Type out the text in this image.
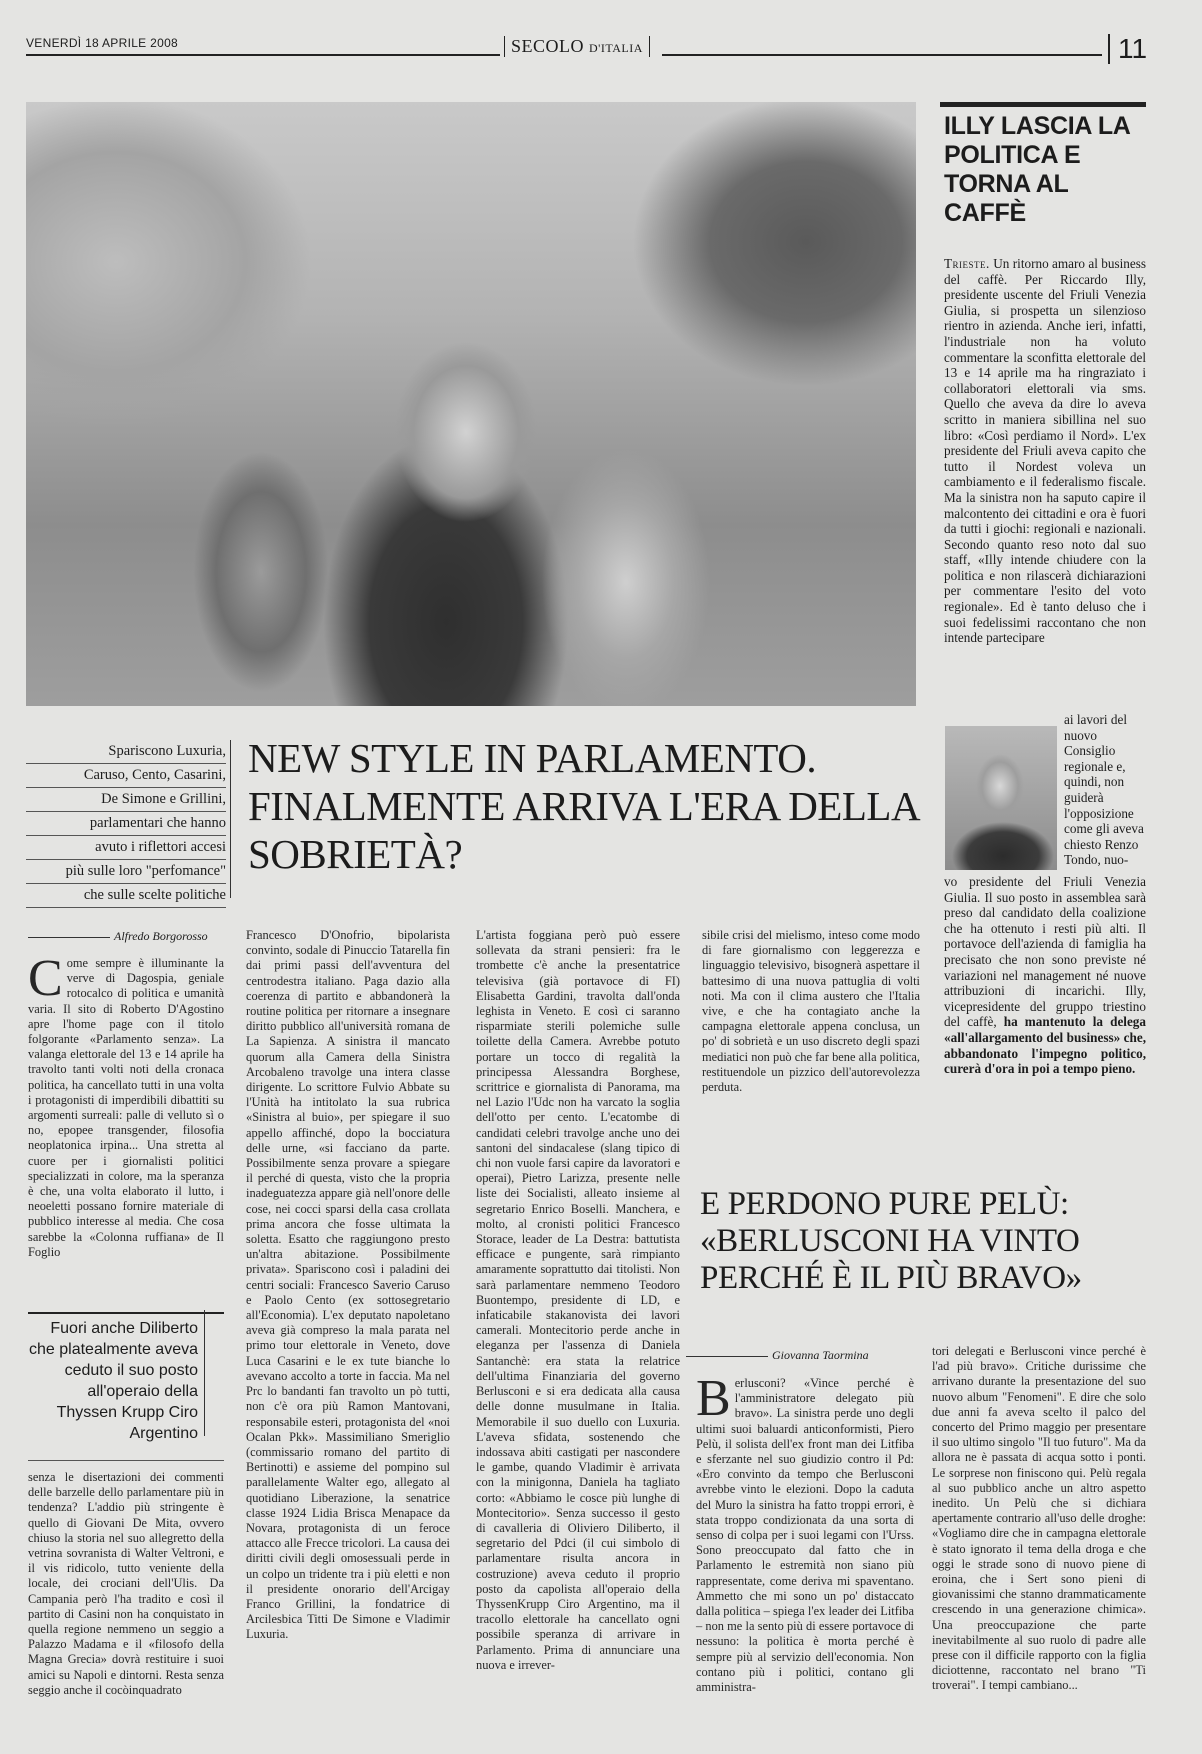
VENERDÌ 18 APRILE 2008	SECOLO D'ITALIA	11
ILLY LASCIA LA POLITICA E TORNA AL CAFFÈ

Trieste. Un ritorno amaro al business del caffè. Per Riccardo Illy, presidente uscente del Friuli Venezia Giulia, si prospetta un silenzioso rientro in azienda. Anche ieri, infatti, l'industriale non ha voluto commentare la sconfitta elettorale del 13 e 14 aprile ma ha ringraziato i collaboratori elettorali via sms. Quello che aveva da dire lo aveva scritto in maniera sibillina nel suo libro: «Così perdiamo il Nord». L'ex presidente del Friuli aveva capito che tutto il Nordest voleva un cambiamento e il federalismo fiscale. Ma la sinistra non ha saputo capire il malcontento dei cittadini e ora è fuori da tutti i giochi: regionali e nazionali. Secondo quanto reso noto dal suo staff, «Illy intende chiudere con la politica e non rilascerà dichiarazioni per commentare l'esito del voto regionale». Ed è tanto deluso che i suoi fedelissimi raccontano che non intende partecipare

ai lavori del nuovo Consiglio regionale e, quindi, non guiderà l'opposizione come gli aveva chiesto Renzo Tondo, nuo-

vo presidente del Friuli Venezia Giulia. Il suo posto in assemblea sarà preso dal candidato della coalizione che ha ottenuto i resti più alti. Il portavoce dell'azienda di famiglia ha precisato che non sono previste né variazioni nel management né nuove attribuzioni di incarichi. Illy, vicepresidente del gruppo triestino del caffè, ha mantenuto la delega «all'allargamento del business» che, abbandonato l'impegno politico, curerà d'ora in poi a tempo pieno.

Spariscono Luxuria,
Caruso, Cento, Casarini,
De Simone e Grillini,
parlamentari che hanno
avuto i riflettori accesi
più sulle loro "perfomance"
che sulle scelte politiche

NEW STYLE IN PARLAMENTO. FINALMENTE ARRIVA L'ERA DELLA SOBRIETÀ?
Alfredo Borgorosso

Come sempre è illuminante la verve di Dagospia, geniale rotocalco di politica e umanità varia. Il sito di Roberto D'Agostino apre l'home page con il titolo folgorante «Parlamento senza». La valanga elettorale del 13 e 14 aprile ha travolto tanti volti noti della cronaca politica, ha cancellato tutti in una volta i protagonisti di imperdibili dibattiti su argomenti surreali: palle di velluto sì o no, epopee transgender, filosofia neoplatonica irpina... Una stretta al cuore per i giornalisti politici specializzati in colore, ma la speranza è che, una volta elaborato il lutto, i neoeletti possano fornire materiale di pubblico interesse al media. Che cosa sarebbe la «Colonna ruffiana» de Il Foglio

Fuori anche Diliberto che platealmente aveva ceduto il suo posto all'operaio della Thyssen Krupp Ciro Argentino

senza le disertazioni dei commenti delle barzelle dello parlamentare più in tendenza? L'addio più stringente è quello di Giovani De Mita, ovvero chiuso la storia nel suo allegretto della vetrina sovranista di Walter Veltroni, e il vis ridicolo, tutto veniente della locale, dei crociani dell'Ulis. Da Campania però l'ha tradito e così il partito di Casini non ha conquistato in quella regione nemmeno un seggio a Palazzo Madama e il «filosofo della Magna Grecia» dovrà restituire i suoi amici su Napoli e dintorni. Resta senza seggio anche il cocòinquadrato

Francesco D'Onofrio, bipolarista convinto, sodale di Pinuccio Tatarella fin dai primi passi dell'avventura del centrodestra italiano. Paga dazio alla coerenza di partito e abbandonerà la routine politica per ritornare a insegnare diritto pubblico all'università romana de La Sapienza. A sinistra il mancato quorum alla Camera della Sinistra Arcobaleno travolge una intera classe dirigente. Lo scrittore Fulvio Abbate su l'Unità ha intitolato la sua rubrica «Sinistra al buio», per spiegare il suo appello affinché, dopo la bocciatura delle urne, «si facciano da parte. Possibilmente senza provare a spiegare il perché di questa, visto che la propria inadeguatezza appare già nell'onore delle cose, nei cocci sparsi della casa crollata prima ancora che fosse ultimata la soletta. Esatto che raggiungono presto un'altra abitazione. Possibilmente privata». Spariscono così i paladini dei centri sociali: Francesco Saverio Caruso e Paolo Cento (ex sottosegretario all'Economia). L'ex deputato napoletano aveva già compreso la mala parata nel primo tour elettorale in Veneto, dove Luca Casarini e le ex tute bianche lo avevano accolto a torte in faccia. Ma nel Prc lo bandanti fan travolto un pò tutti, non c'è ora più Ramon Mantovani, responsabile esteri, protagonista del «noi Ocalan Pkk». Massimiliano Smeriglio (commissario romano del partito di Bertinotti) e assieme del pompino sul parallelamente Walter ego, allegato al quotidiano Liberazione, la senatrice classe 1924 Lidia Brisca Menapace da Novara, protagonista di un feroce attacco alle Frecce tricolori. La causa dei diritti civili degli omosessuali perde in un colpo un tridente tra i più eletti e non il presidente onorario dell'Arcigay Franco Grillini, la fondatrice di Arcilesbica Titti De Simone e Vladimir Luxuria.

L'artista foggiana però può essere sollevata da strani pensieri: fra le trombette c'è anche la presentatrice televisiva (già portavoce di FI) Elisabetta Gardini, travolta dall'onda leghista in Veneto. E così ci saranno risparmiate sterili polemiche sulle toilette della Camera. Avrebbe potuto portare un tocco di regalità la principessa Alessandra Borghese, scrittrice e giornalista di Panorama, ma nel Lazio l'Udc non ha varcato la soglia dell'otto per cento. L'ecatombe di candidati celebri travolge anche uno dei santoni del sindacalese (slang tipico di chi non vuole farsi capire da lavoratori e operai), Pietro Larizza, presente nelle liste dei Socialisti, alleato insieme al segretario Enrico Boselli. Manchera, e molto, al cronisti politici Francesco Storace, leader de La Destra: battutista efficace e pungente, sarà rimpianto amaramente soprattutto dai titolisti. Non sarà parlamentare nemmeno Teodoro Buontempo, presidente di LD, e infaticabile stakanovista dei lavori camerali. Montecitorio perde anche in eleganza per l'assenza di Daniela Santanchè: era stata la relatrice dell'ultima Finanziaria del governo Berlusconi e si era dedicata alla causa delle donne musulmane in Italia. Memorabile il suo duello con Luxuria. L'aveva sfidata, sostenendo che indossava abiti castigati per nascondere le gambe, quando Vladimir è arrivata con la minigonna, Daniela ha tagliato corto: «Abbiamo le cosce più lunghe di Montecitorio». Senza successo il gesto di cavalleria di Oliviero Diliberto, il segretario del Pdci (il cui simbolo di parlamentare risulta ancora in costruzione) aveva ceduto il proprio posto da capolista all'operaio della ThyssenKrupp Ciro Argentino, ma il tracollo elettorale ha cancellato ogni possibile speranza di arrivare in Parlamento. Prima di annunciare una nuova e irrever-

sibile crisi del mielismo, inteso come modo di fare giornalismo con leggerezza e linguaggio televisivo, bisognerà aspettare il battesimo di una nuova pattuglia di volti noti. Ma con il clima austero che l'Italia vive, e che ha contagiato anche la campagna elettorale appena conclusa, un po' di sobrietà e un uso discreto degli spazi mediatici non può che far bene alla politica, restituendole un pizzico dell'autorevolezza perduta.

E PERDONO PURE PELÙ: «BERLUSCONI HA VINTO PERCHÉ È IL PIÙ BRAVO»
Giovanna Taormina

Berlusconi? «Vince perché è l'amministratore delegato più bravo». La sinistra perde uno degli ultimi suoi baluardi anticonformisti, Piero Pelù, il solista dell'ex front man dei Litfiba e sferzante nel suo giudizio contro il Pd: «Ero convinto da tempo che Berlusconi avrebbe vinto le elezioni. Dopo la caduta del Muro la sinistra ha fatto troppi errori, è stata troppo condizionata da una sorta di senso di colpa per i suoi legami con l'Urss. Sono preoccupato dal fatto che in Parlamento le estremità non siano più rappresentate, come deriva mi spaventano. Ammetto che mi sono un po' distaccato dalla politica – spiega l'ex leader dei Litfiba – non me la sento più di essere portavoce di nessuno: la politica è morta perché è sempre più al servizio dell'economia. Non contano più i politici, contano gli amministra-

tori delegati e Berlusconi vince perché è l'ad più bravo». Critiche durissime che arrivano durante la presentazione del suo nuovo album "Fenomeni". E dire che solo due anni fa aveva scelto il palco del concerto del Primo maggio per presentare il suo ultimo singolo "Il tuo futuro". Ma da allora ne è passata di acqua sotto i ponti. Le sorprese non finiscono qui. Pelù regala al suo pubblico anche un altro aspetto inedito. Un Pelù che si dichiara apertamente contrario all'uso delle droghe: «Vogliamo dire che in campagna elettorale è stato ignorato il tema della droga e che oggi le strade sono di nuovo piene di eroina, che i Sert sono pieni di giovanissimi che stanno drammaticamente crescendo in una generazione chimica». Una preoccupazione che parte inevitabilmente al suo ruolo di padre alle prese con il difficile rapporto con la figlia diciottenne, raccontato nel brano "Ti troverai". I tempi cambiano...
